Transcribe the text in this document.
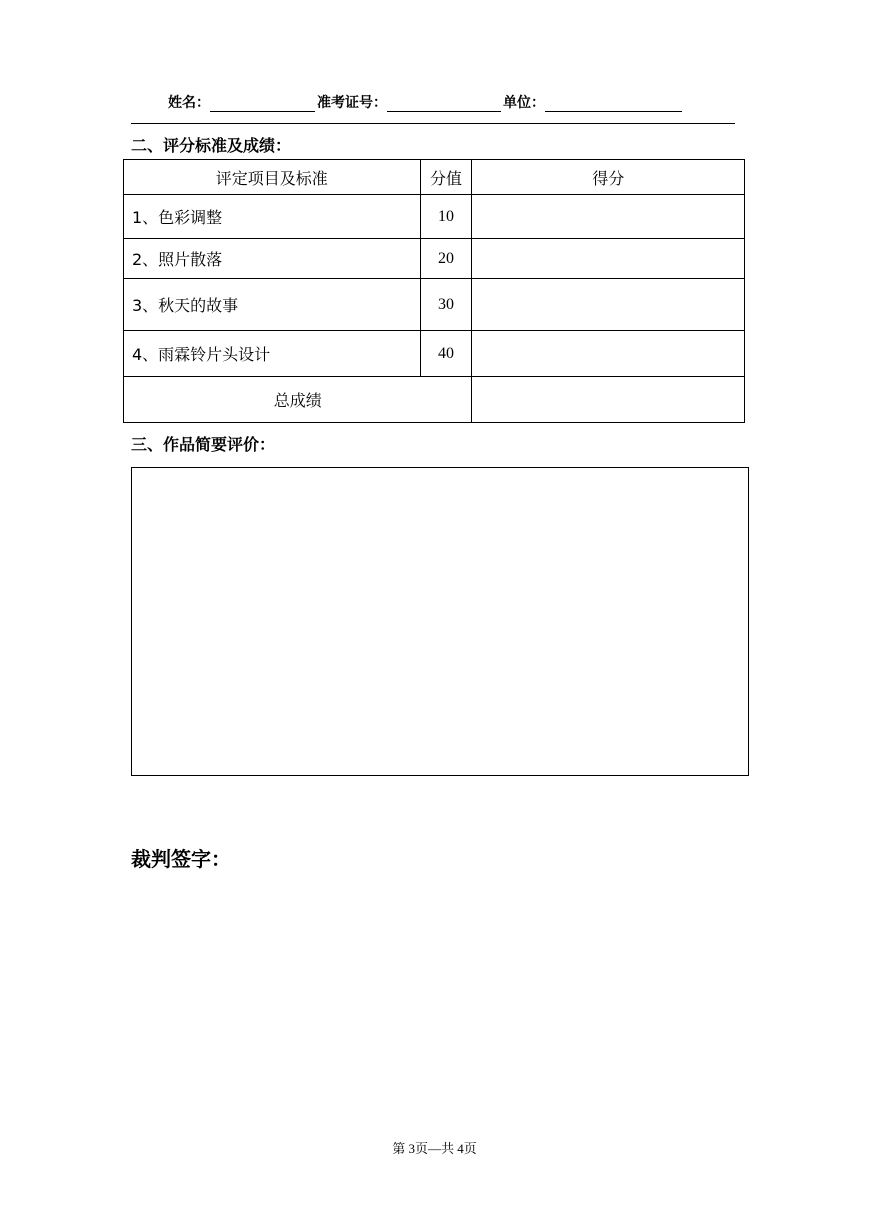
姓名：	准考证号：	单位：
二、评分标准及成绩：
评定项目及标准	分值	得分
1、色彩调整	10	
2、照片散落	20	
3、秋天的故事	30	
4、雨霖铃片头设计	40	
总成绩		
三、作品简要评价：
裁判签字：
第 3页—共 4页
